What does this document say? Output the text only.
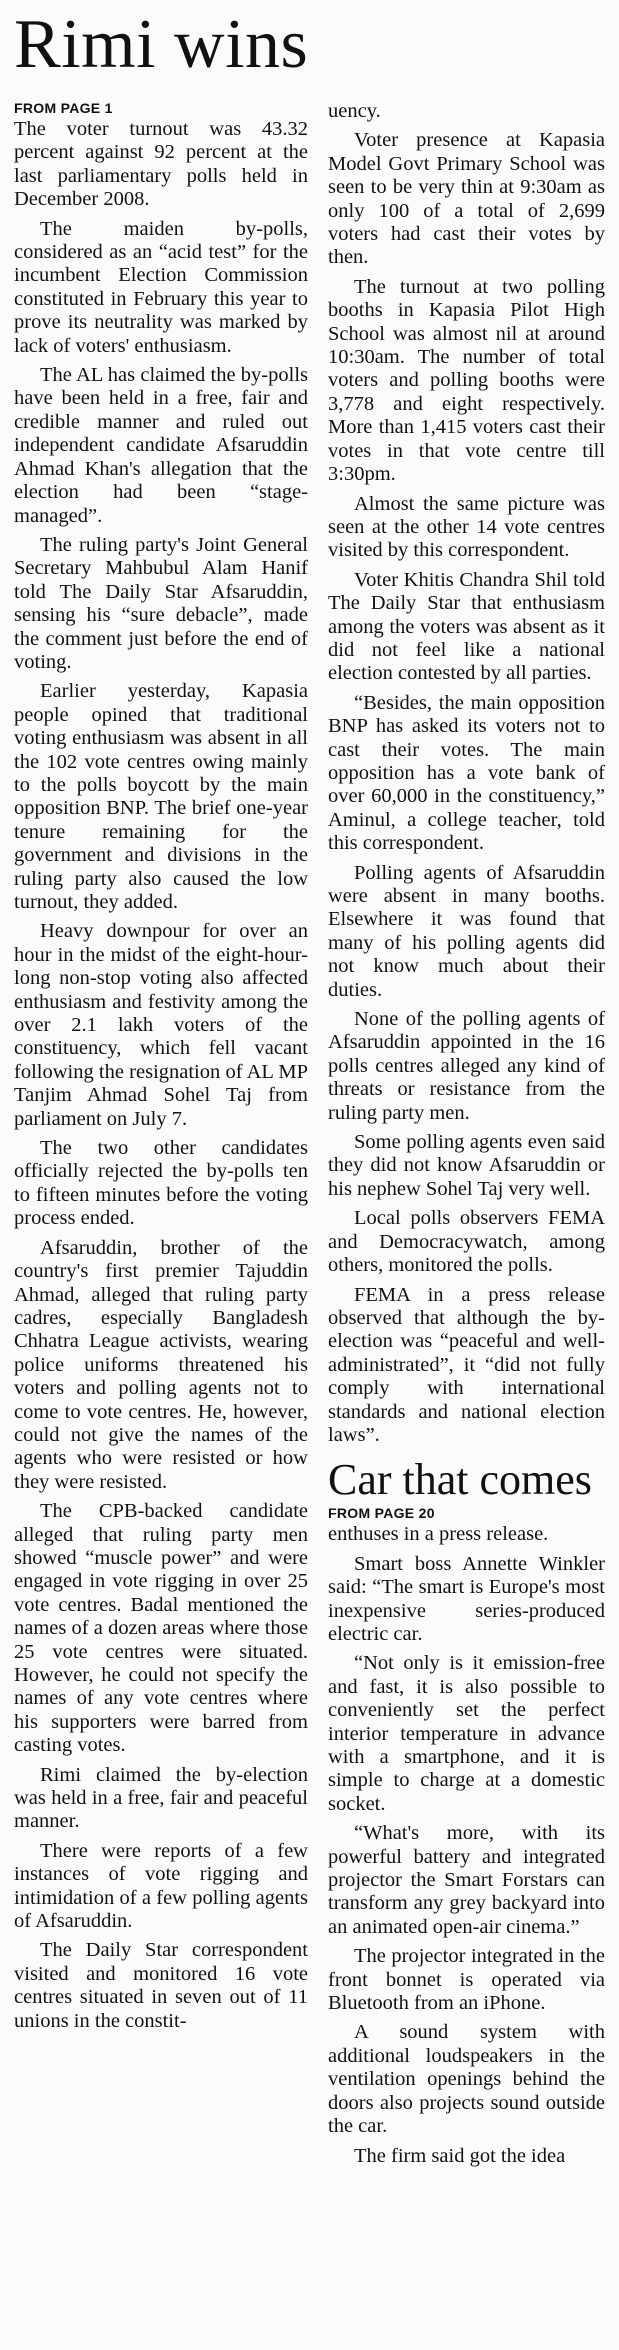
Rimi wins
FROM PAGE 1

The voter turnout was 43.32 percent against 92 percent at the last parliamentary polls held in December 2008.

The maiden by-polls, considered as an “acid test” for the incumbent Election Commission constituted in February this year to prove its neutrality was marked by lack of voters' enthusiasm.

The AL has claimed the by-polls have been held in a free, fair and credible manner and ruled out independent candidate Afsaruddin Ahmad Khan's allegation that the election had been “stage-managed”.

The ruling party's Joint General Secretary Mahbubul Alam Hanif told The Daily Star Afsaruddin, sensing his “sure debacle”, made the comment just before the end of voting.

Earlier yesterday, Kapasia people opined that traditional voting enthusiasm was absent in all the 102 vote centres owing mainly to the polls boycott by the main opposition BNP. The brief one-year tenure remaining for the government and divisions in the ruling party also caused the low turnout, they added.

Heavy downpour for over an hour in the midst of the eight-hour-long non-stop voting also affected enthusiasm and festivity among the over 2.1 lakh voters of the constituency, which fell vacant following the resignation of AL MP Tanjim Ahmad Sohel Taj from parliament on July 7.

The two other candidates officially rejected the by-polls ten to fifteen minutes before the voting process ended.

Afsaruddin, brother of the country's first premier Tajuddin Ahmad, alleged that ruling party cadres, especially Bangladesh Chhatra League activists, wearing police uniforms threatened his voters and polling agents not to come to vote centres. He, however, could not give the names of the agents who were resisted or how they were resisted.

The CPB-backed candidate alleged that ruling party men showed “muscle power” and were engaged in vote rigging in over 25 vote centres. Badal mentioned the names of a dozen areas where those 25 vote centres were situated. However, he could not specify the names of any vote centres where his supporters were barred from casting votes.

Rimi claimed the by-election was held in a free, fair and peaceful manner.

There were reports of a few instances of vote rigging and intimidation of a few polling agents of Afsaruddin.

The Daily Star correspondent visited and monitored 16 vote centres situated in seven out of 11 unions in the constit-

uency.

Voter presence at Kapasia Model Govt Primary School was seen to be very thin at 9:30am as only 100 of a total of 2,699 voters had cast their votes by then.

The turnout at two polling booths in Kapasia Pilot High School was almost nil at around 10:30am. The number of total voters and polling booths were 3,778 and eight respectively. More than 1,415 voters cast their votes in that vote centre till 3:30pm.

Almost the same picture was seen at the other 14 vote centres visited by this correspondent.

Voter Khitis Chandra Shil told The Daily Star that enthusiasm among the voters was absent as it did not feel like a national election contested by all parties.

“Besides, the main opposition BNP has asked its voters not to cast their votes. The main opposition has a vote bank of over 60,000 in the constituency,” Aminul, a college teacher, told this correspondent.

Polling agents of Afsaruddin were absent in many booths. Elsewhere it was found that many of his polling agents did not know much about their duties.

None of the polling agents of Afsaruddin appointed in the 16 polls centres alleged any kind of threats or resistance from the ruling party men.

Some polling agents even said they did not know Afsaruddin or his nephew Sohel Taj very well.

Local polls observers FEMA and Democracywatch, among others, monitored the polls.

FEMA in a press release observed that although the by-election was “peaceful and well-administrated”, it “did not fully comply with international standards and national election laws”.

Car that comes
FROM PAGE 20

enthuses in a press release.

Smart boss Annette Winkler said: “The smart is Europe's most inexpensive series-produced electric car.

“Not only is it emission-free and fast, it is also possible to conveniently set the perfect interior temperature in advance with a smartphone, and it is simple to charge at a domestic socket.

“What's more, with its powerful battery and integrated projector the Smart Forstars can transform any grey backyard into an animated open-air cinema.”

The projector integrated in the front bonnet is operated via Bluetooth from an iPhone.

A sound system with additional loudspeakers in the ventilation openings behind the doors also projects sound outside the car.

The firm said got the idea
